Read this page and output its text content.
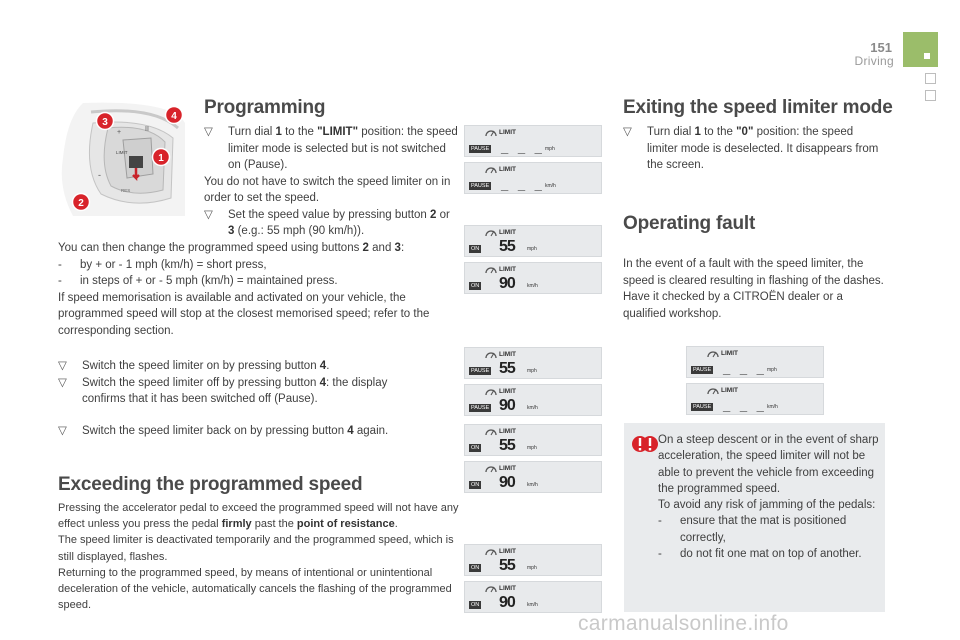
151
Driving
+	II
-
LIMIT
RES
3
4
1
2
Programming
▽	Turn dial 1 to the "LIMIT" position: the speed limiter mode is selected but is not switched on (Pause).
You do not have to switch the speed limiter on in order to set the speed.
▽	Set the speed value by pressing button 2 or 3 (e.g.: 55 mph (90 km/h)).
You can then change the programmed speed using buttons 2 and 3:
- by + or - 1 mph (km/h) = short press,
- in steps of + or - 5 mph (km/h) = maintained press.
If speed memorisation is available and activated on your vehicle, the programmed speed will stop at the closest memorised speed; refer to the corresponding section.
▽	Switch the speed limiter on by pressing button 4.
▽	Switch the speed limiter off by pressing button 4: the display confirms that it has been switched off (Pause).
▽	Switch the speed limiter back on by pressing button 4 again.
Exceeding the programmed speed
Pressing the accelerator pedal to exceed the programmed speed will not have any effect unless you press the pedal firmly past the point of resistance.
The speed limiter is deactivated temporarily and the programmed speed, which is still displayed, flashes.
Returning to the programmed speed, by means of intentional or unintentional deceleration of the vehicle, automatically cancels the flashing of the programmed speed.
Exiting the speed limiter mode
▽	Turn dial 1 to the "0" position: the speed limiter mode is deselected. It disappears from the screen.
Operating fault
In the event of a fault with the speed limiter, the speed is cleared resulting in flashing of the dashes.
Have it checked by a CITROËN dealer or a qualified workshop.
On a steep descent or in the event of sharp acceleration, the speed limiter will not be able to prevent the vehicle from exceeding the programmed speed.
To avoid any risk of jamming of the pedals:
- ensure that the mat is positioned correctly,
- do not fit one mat on top of another.
LIMIT
PAUSE _ _ _ mph
LIMIT
PAUSE _ _ _ km/h
LIMIT
ON 55 mph
LIMIT
ON 90 km/h
LIMIT
PAUSE 55 mph
LIMIT
PAUSE 90 km/h
LIMIT
ON 55 mph
LIMIT
ON 90 km/h
LIMIT
ON 55 mph
LIMIT
ON 90 km/h
LIMIT
PAUSE _ _ _ mph
LIMIT
PAUSE _ _ _ km/h
carmanualsonline.info
